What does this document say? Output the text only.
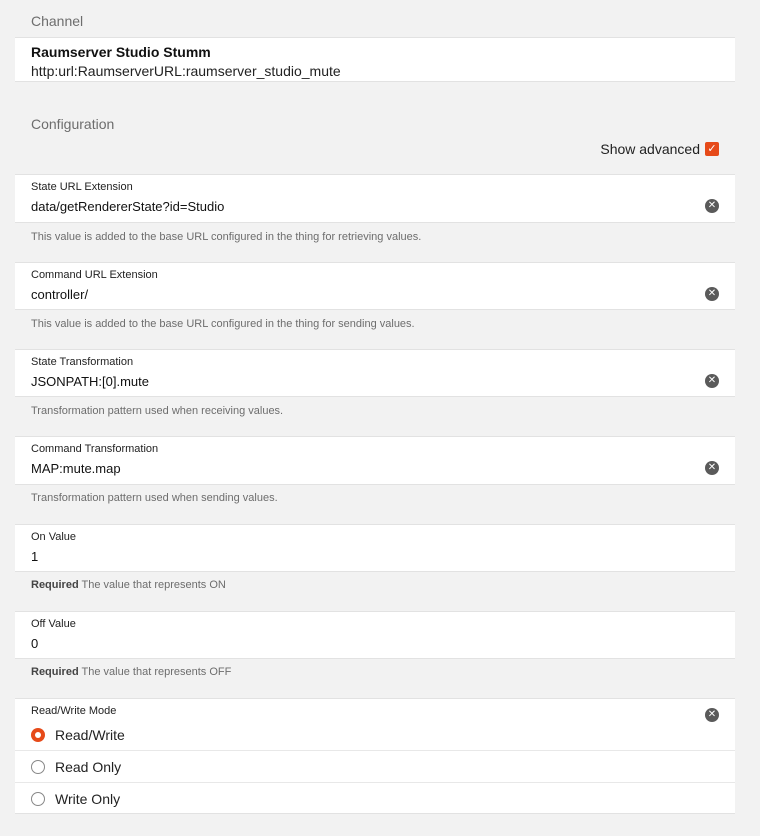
Channel
Raumserver Studio Stumm
http:url:RaumserverURL:raumserver_studio_mute
Configuration
Show advanced ✓
State URL Extension
data/getRendererState?id=Studio	✕
This value is added to the base URL configured in the thing for retrieving values.
Command URL Extension
controller/	✕
This value is added to the base URL configured in the thing for sending values.
State Transformation
JSONPATH:[0].mute	✕
Transformation pattern used when receiving values.
Command Transformation
MAP:mute.map	✕
Transformation pattern used when sending values.
On Value
1
Required The value that represents ON
Off Value
0
Required The value that represents OFF
Read/Write Mode	✕
Read/Write
Read Only
Write Only
